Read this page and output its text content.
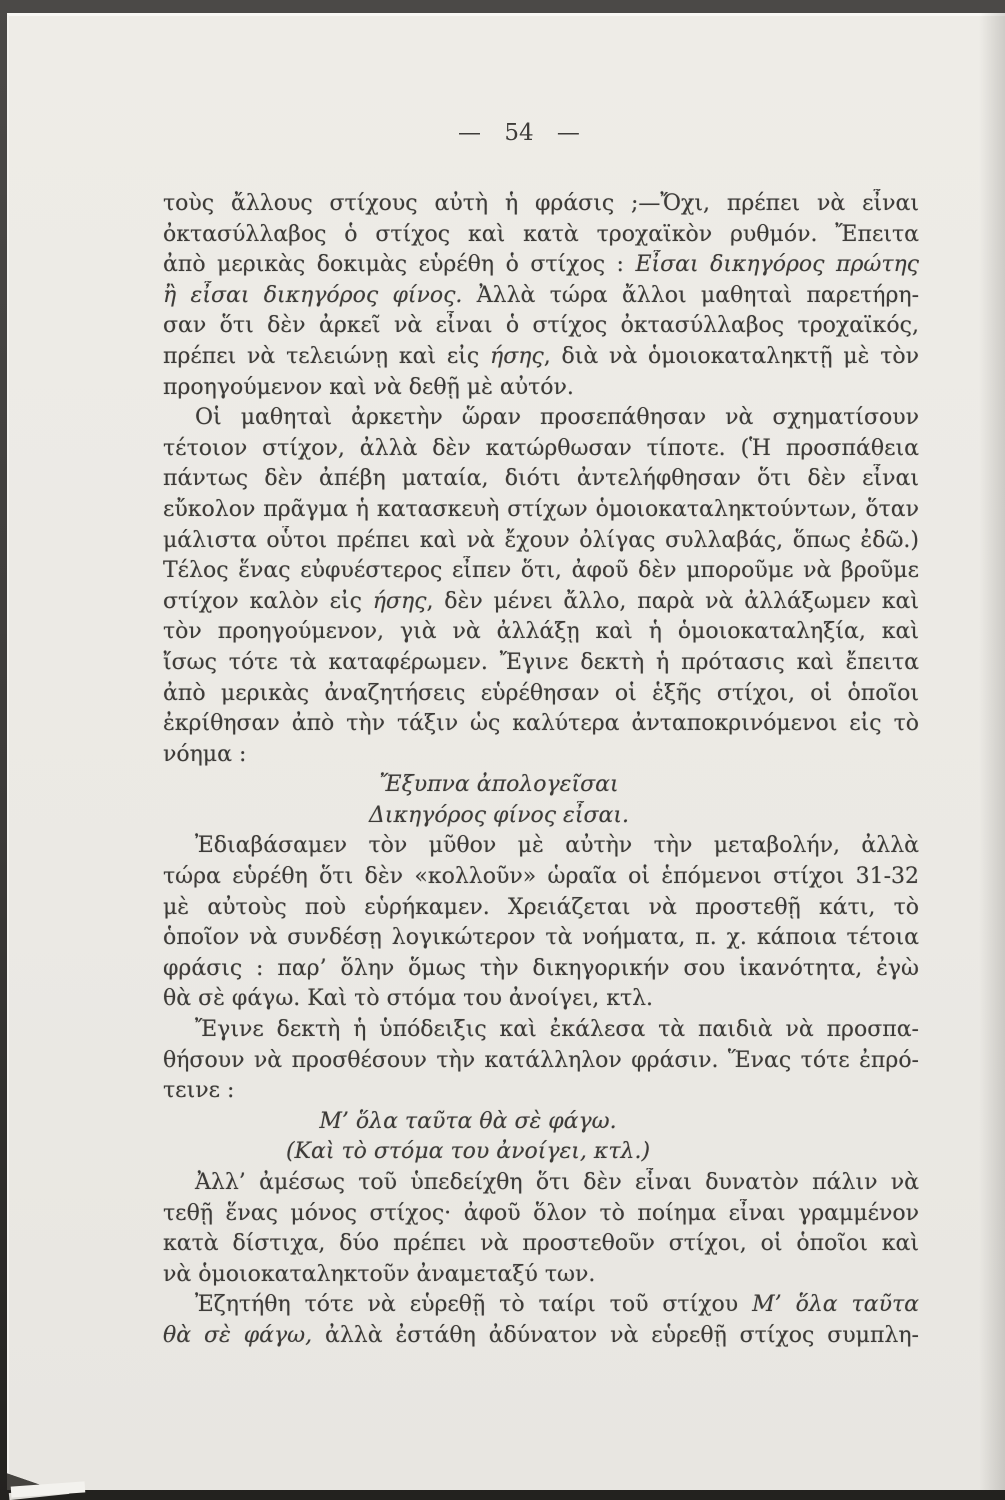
— 54 —
τοὺς ἄλλους στίχους αὐτὴ ἡ φράσις ;—Ὄχι, πρέπει νὰ εἶναι
ὀκτασύλλαβος ὁ στίχος καὶ κατὰ τροχαϊκὸν ρυθμόν. Ἔπειτα
ἀπὸ μερικὰς δοκιμὰς εὑρέθη ὁ στίχος : Εἶσαι δικηγόρος πρώτης
ἢ εἶσαι δικηγόρος φίνος. Ἀλλὰ τώρα ἄλλοι μαθηταὶ παρετήρη-
σαν ὅτι δὲν ἀρκεῖ νὰ εἶναι ὁ στίχος ὀκτασύλλαβος τροχαϊκός,
πρέπει νὰ τελειώνῃ καὶ εἰς ήσης, διὰ νὰ ὁμοιοκαταληκτῇ μὲ τὸν
προηγούμενον καὶ νὰ δεθῇ μὲ αὐτόν.
Οἱ μαθηταὶ ἀρκετὴν ὥραν προσεπάθησαν νὰ σχηματίσουν
τέτοιον στίχον, ἀλλὰ δὲν κατώρθωσαν τίποτε. (Ἡ προσπάθεια
πάντως δὲν ἀπέβη ματαία, διότι ἀντελήφθησαν ὅτι δὲν εἶναι
εὔκολον πρᾶγμα ἡ κατασκευὴ στίχων ὁμοιοκαταληκτούντων, ὅταν
μάλιστα οὗτοι πρέπει καὶ νὰ ἔχουν ὀλίγας συλλαβάς, ὅπως ἐδῶ.)
Τέλος ἕνας εὐφυέστερος εἶπεν ὅτι, ἀφοῦ δὲν μποροῦμε νὰ βροῦμε
στίχον καλὸν εἰς ήσης, δὲν μένει ἄλλο, παρὰ νὰ ἀλλάξωμεν καὶ
τὸν προηγούμενον, γιὰ νὰ ἀλλάξῃ καὶ ἡ ὁμοιοκαταληξία, καὶ
ἴσως τότε τὰ καταφέρωμεν. Ἔγινε δεκτὴ ἡ πρότασις καὶ ἔπειτα
ἀπὸ μερικὰς ἀναζητήσεις εὑρέθησαν οἱ ἑξῆς στίχοι, οἱ ὁποῖοι
ἐκρίθησαν ἀπὸ τὴν τάξιν ὡς καλύτερα ἀνταποκρινόμενοι εἰς τὸ
νόημα :
Ἔξυπνα ἀπολογεῖσαι
Δικηγόρος φίνος εἶσαι.
Ἐδιαβάσαμεν τὸν μῦθον μὲ αὐτὴν τὴν μεταβολήν, ἀλλὰ
τώρα εὑρέθη ὅτι δὲν «κολλοῦν» ὡραῖα οἱ ἑπόμενοι στίχοι 31-32
μὲ αὐτοὺς ποὺ εὑρήκαμεν. Χρειάζεται νὰ προστεθῇ κάτι, τὸ
ὁποῖον νὰ συνδέσῃ λογικώτερον τὰ νοήματα, π. χ. κάποια τέτοια
φράσις : παρ’ ὅλην ὅμως τὴν δικηγορικήν σου ἱκανότητα, ἐγὼ
θὰ σὲ φάγω. Καὶ τὸ στόμα του ἀνοίγει, κτλ.
Ἔγινε δεκτὴ ἡ ὑπόδειξις καὶ ἐκάλεσα τὰ παιδιὰ νὰ προσπα-
θήσουν νὰ προσθέσουν τὴν κατάλληλον φράσιν. Ἕνας τότε ἐπρό-
τεινε :
Μ’ ὅλα ταῦτα θὰ σὲ φάγω.
(Καὶ τὸ στόμα του ἀνοίγει, κτλ.)
Ἀλλ’ ἀμέσως τοῦ ὑπεδείχθη ὅτι δὲν εἶναι δυνατὸν πάλιν νὰ
τεθῇ ἕνας μόνος στίχος· ἀφοῦ ὅλον τὸ ποίημα εἶναι γραμμένον
κατὰ δίστιχα, δύο πρέπει νὰ προστεθοῦν στίχοι, οἱ ὁποῖοι καὶ
νὰ ὁμοιοκαταληκτοῦν ἀναμεταξύ των.
Ἐζητήθη τότε νὰ εὑρεθῇ τὸ ταίρι τοῦ στίχου Μ’ ὅλα ταῦτα
θὰ σὲ φάγω, ἀλλὰ ἐστάθη ἀδύνατον νὰ εὑρεθῇ στίχος συμπλη-
